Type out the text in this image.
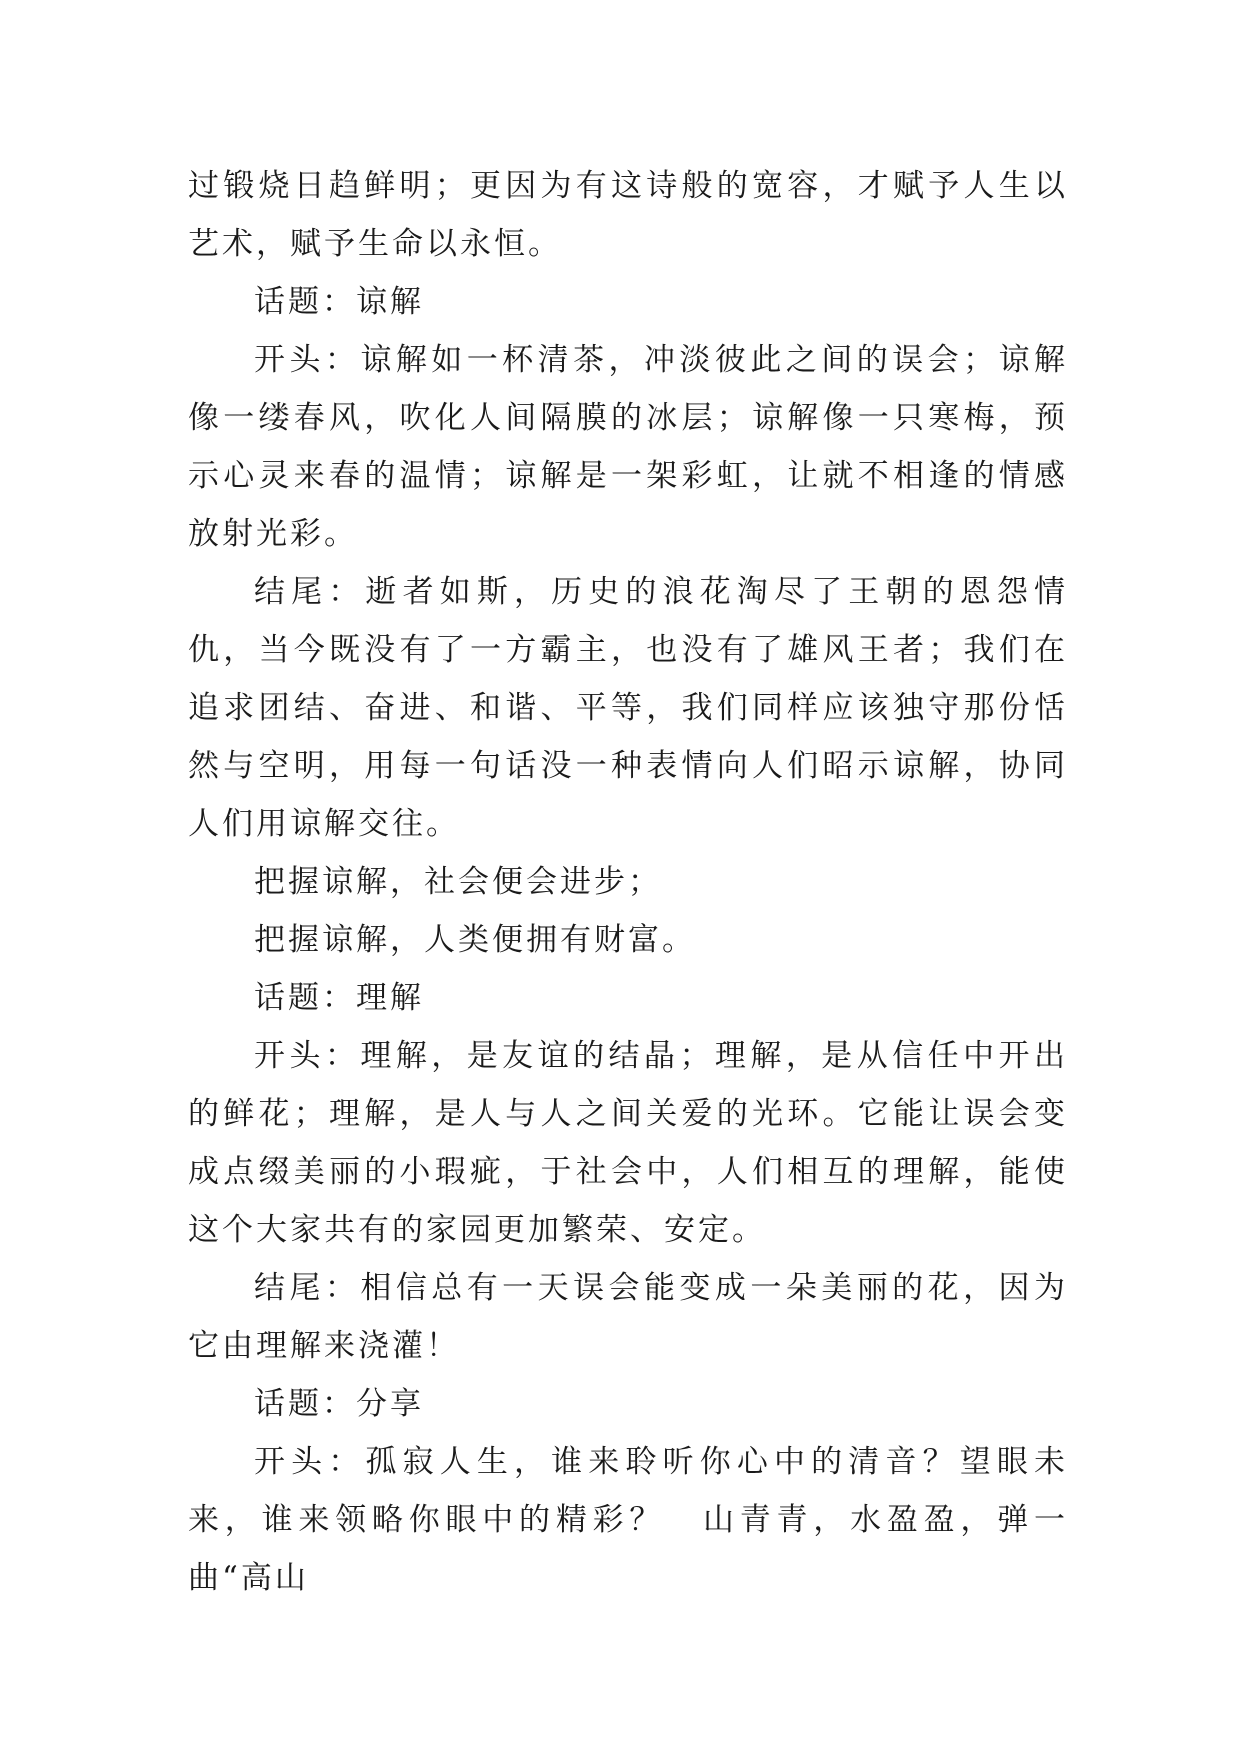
过锻烧日趋鲜明；更因为有这诗般的宽容，才赋予人生以艺术，赋予生命以永恒。

话题：谅解

开头：谅解如一杯清茶，冲淡彼此之间的误会；谅解像一缕春风，吹化人间隔膜的冰层；谅解像一只寒梅，预示心灵来春的温情；谅解是一架彩虹，让就不相逢的情感放射光彩。

结尾：逝者如斯，历史的浪花淘尽了王朝的恩怨情仇，当今既没有了一方霸主，也没有了雄风王者；我们在追求团结、奋进、和谐、平等，我们同样应该独守那份恬然与空明，用每一句话没一种表情向人们昭示谅解，协同人们用谅解交往。

把握谅解，社会便会进步；

把握谅解，人类便拥有财富。

话题：理解

开头：理解，是友谊的结晶；理解，是从信任中开出的鲜花；理解，是人与人之间关爱的光环。它能让误会变成点缀美丽的小瑕疵，于社会中，人们相互的理解，能使这个大家共有的家园更加繁荣、安定。

结尾：相信总有一天误会能变成一朵美丽的花，因为它由理解来浇灌！

话题：分享

开头：孤寂人生，谁来聆听你心中的清音？望眼未来，谁来领略你眼中的精彩？　山青青，水盈盈，弹一曲“高山
